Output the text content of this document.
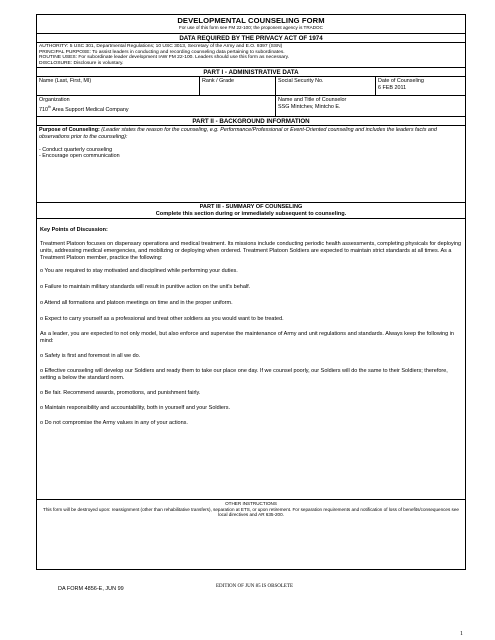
DEVELOPMENTAL COUNSELING FORM
For use of this form see FM 22-100; the proponent agency is TRADOC
DATA REQUIRED BY THE PRIVACY ACT OF 1974
AUTHORITY: 5 USC 301, Departmental Regulations; 10 USC 3013, Secretary of the Army and E.O. 9397 (SSN)
PRINCIPAL PURPOSE: To assist leaders in conducting and recording counseling data pertaining to subordinates.
ROUTINE USES: For subordinate leader development IAW FM 22-100. Leaders should use this form as necessary.
DISCLOSURE: Disclosure is voluntary.
PART I - ADMINISTRATIVE DATA
Name (Last, First, MI)	Rank / Grade	Social Security No.	Date of Counseling
6 FEB 2011
Organization
710th Area Support Medical Company
Name and Title of Counselor
SSG Mintchev, Mintcho E.
PART II - BACKGROUND INFORMATION
Purpose of Counseling: (Leader states the reason for the counseling, e.g. Performance/Professional or Event-Oriented counseling and includes the leaders facts and observations prior to the counseling):
- Conduct quarterly counseling
- Encourage open communication
PART III - SUMMARY OF COUNSELING
Complete this section during or immediately subsequent to counseling.

Key Points of Discussion:

Treatment Platoon focuses on dispensary operations and medical treatment. Its missions include conducting periodic health assessments, completing physicals for deploying units, addressing medical emergencies, and mobilizing or deploying when ordered. Treatment Platoon Soldiers are expected to maintain strict standards at all times. As a Treatment Platoon member, practice the following:

o You are required to stay motivated and disciplined while performing your duties.

o Failure to maintain military standards will result in punitive action on the unit's behalf.

o Attend all formations and platoon meetings on time and in the proper uniform.

o Expect to carry yourself as a professional and treat other soldiers as you would want to be treated.

As a leader, you are expected to not only model, but also enforce and supervise the maintenance of Army and unit regulations and standards. Always keep the following in mind:

o Safety is first and foremost in all we do.

o Effective counseling will develop our Soldiers and ready them to take our place one day. If we counsel poorly, our Soldiers will do the same to their Soldiers; therefore, setting a below the standard norm.

o Be fair. Recommend awards, promotions, and punishment fairly.

o Maintain responsibility and accountability, both in yourself and your Soldiers.

o Do not compromise the Army values in any of your actions.

OTHER INSTRUCTIONS
This form will be destroyed upon: reassignment (other than rehabilitative transfers), separation at ETS, or upon retirement. For separation requirements and notification of loss of benefits/consequences see local directives and AR 635-200.
EDITION OF JUN 85 IS OBSOLETE
DA FORM 4856-E, JUN 99
1
